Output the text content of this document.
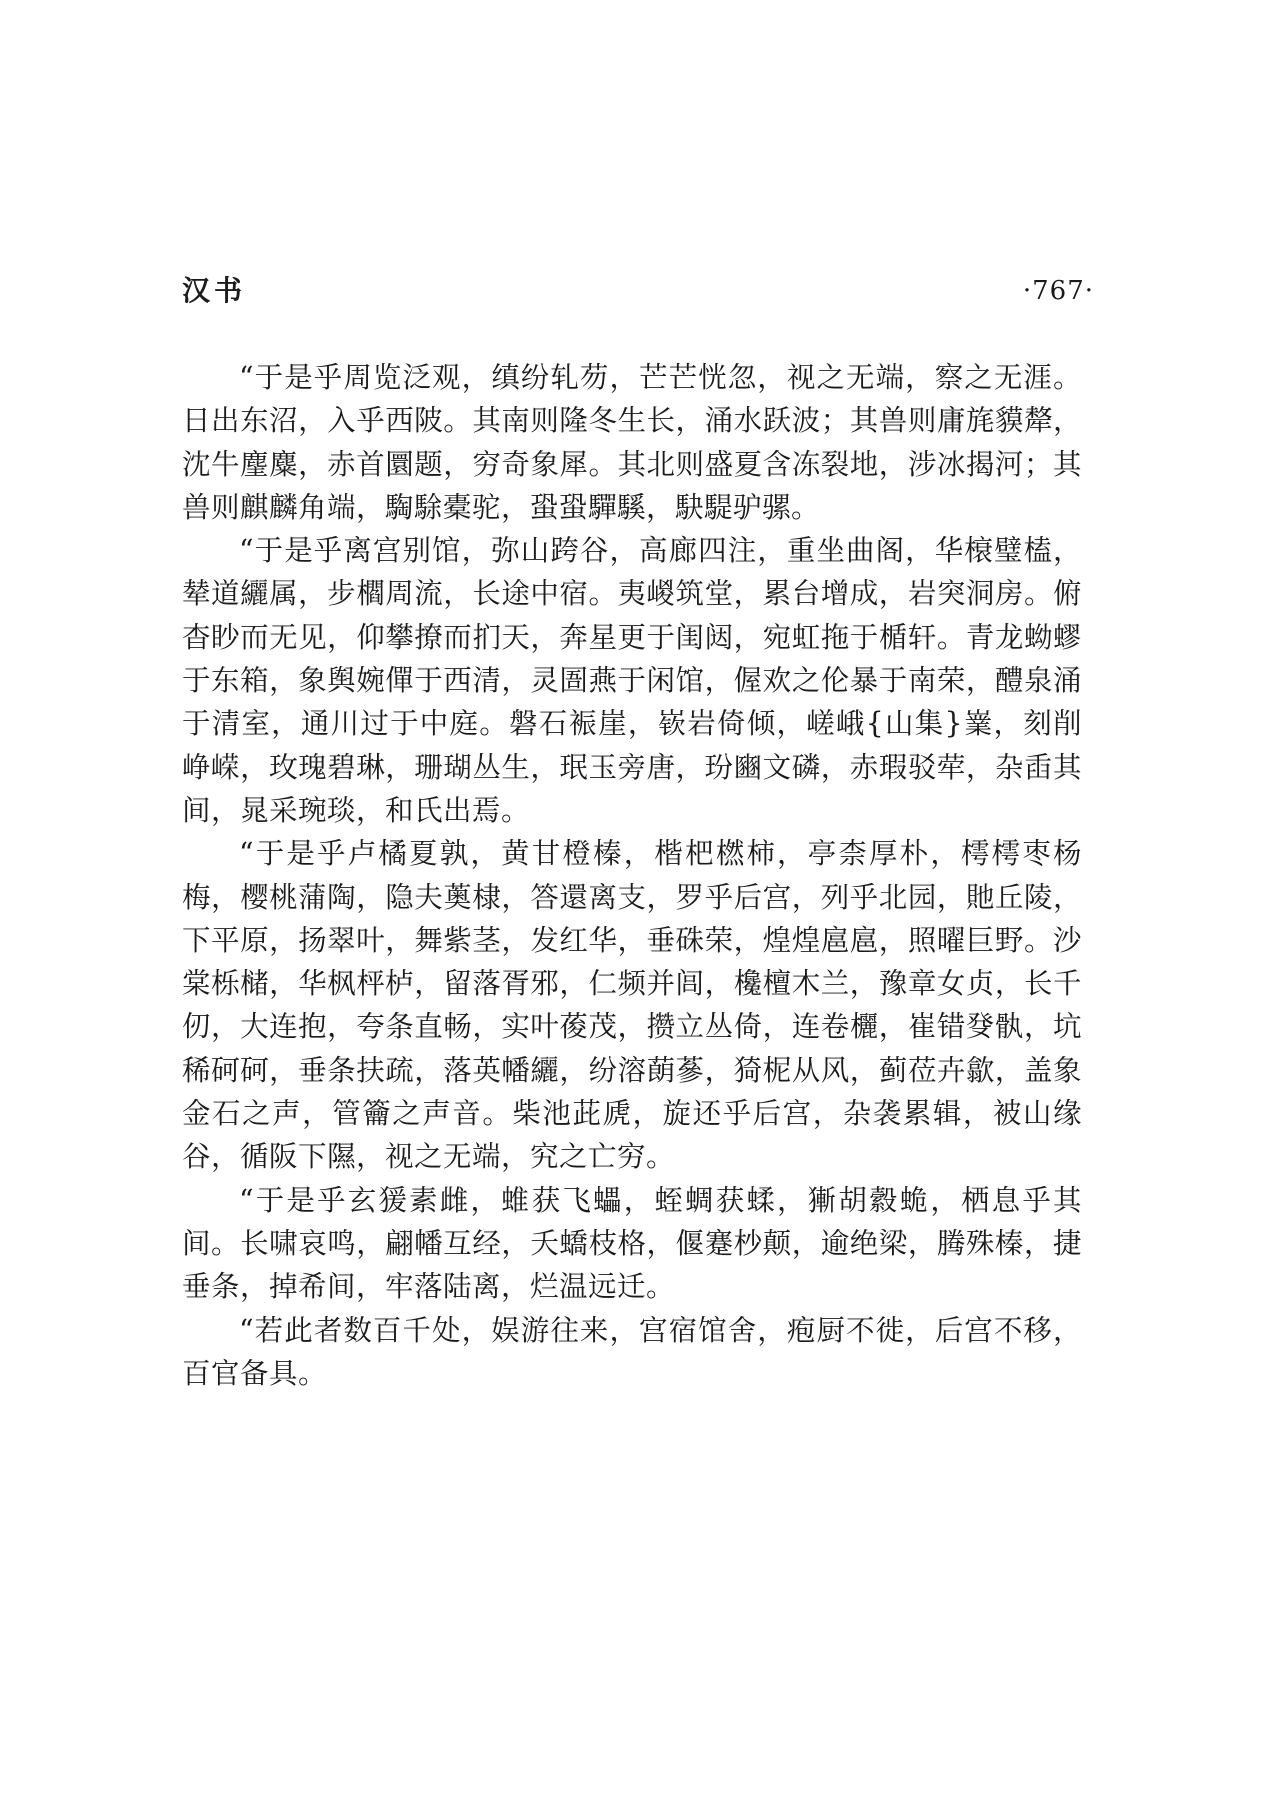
汉书	·767·

“于是乎周览泛观，缜纷轧芴，芒芒恍忽，视之无端，察之无涯。日出东沼，入乎西陂。其南则隆冬生长，涌水跃波；其兽则庸旄貘犛，沈牛麈麋，赤首圜题，穷奇象犀。其北则盛夏含冻裂地，涉冰揭河；其兽则麒麟角端，騊駼橐驼，蛩蛩驒騱，駃騠驴骡。

“于是乎离宫别馆，弥山跨谷，高廊四注，重坐曲阁，华榱璧榼，辇道纚属，步櫩周流，长途中宿。夷嵕筑堂，累台增成，岩突洞房。俯杳眇而无见，仰攀撩而扪天，奔星更于闺闼，宛虹拖于楯轩。青龙蚴蟉于东箱，象舆婉僤于西清，灵圄燕于闲馆，偓欢之伦暴于南荣，醴泉涌于清室，通川过于中庭。磐石裖崖，嵚岩倚倾，嵯峨{山集}嶪，刻削峥嵘，玫瑰碧琳，珊瑚丛生，珉玉旁唐，玢豳文磷，赤瑕驳荦，杂臿其间，晁采琬琰，和氏出焉。

“于是乎卢橘夏孰，黄甘橙榛，楷杷橪柿，亭柰厚朴，樗樗枣杨梅，樱桃蒲陶，隐夫薁棣，答還离支，罗乎后宫，列乎北园，貤丘陵，下平原，扬翠叶，舞紫茎，发红华，垂硃荣，煌煌扈扈，照曜巨野。沙棠栎槠，华枫枰栌，留落胥邪，仁频并闾，欃檀木兰，豫章女贞，长千仞，大连抱，夸条直畅，实叶葰茂，攒立丛倚，连卷欐，崔错癹骫，坑稀砢砢，垂条扶疏，落英幡纚，纷溶蓢蔘，猗柅从风，蓟莅卉歙，盖象金石之声，管籥之声音。柴池茈虒，旋还乎后宫，杂袭累辑，被山缘谷，循阪下隰，视之无端，究之亡穷。

“于是乎玄猨素雌，蜼获飞蠝，蛭蜩获蝚，獑胡縠蛫，栖息乎其间。长啸哀鸣，翩幡互经，夭蟜枝格，偃蹇杪颠，逾绝梁，腾殊榛，捷垂条，掉希间，牢落陆离，烂温远迁。

“若此者数百千处，娱游往来，宫宿馆舍，疱厨不徙，后宫不移，百官备具。
